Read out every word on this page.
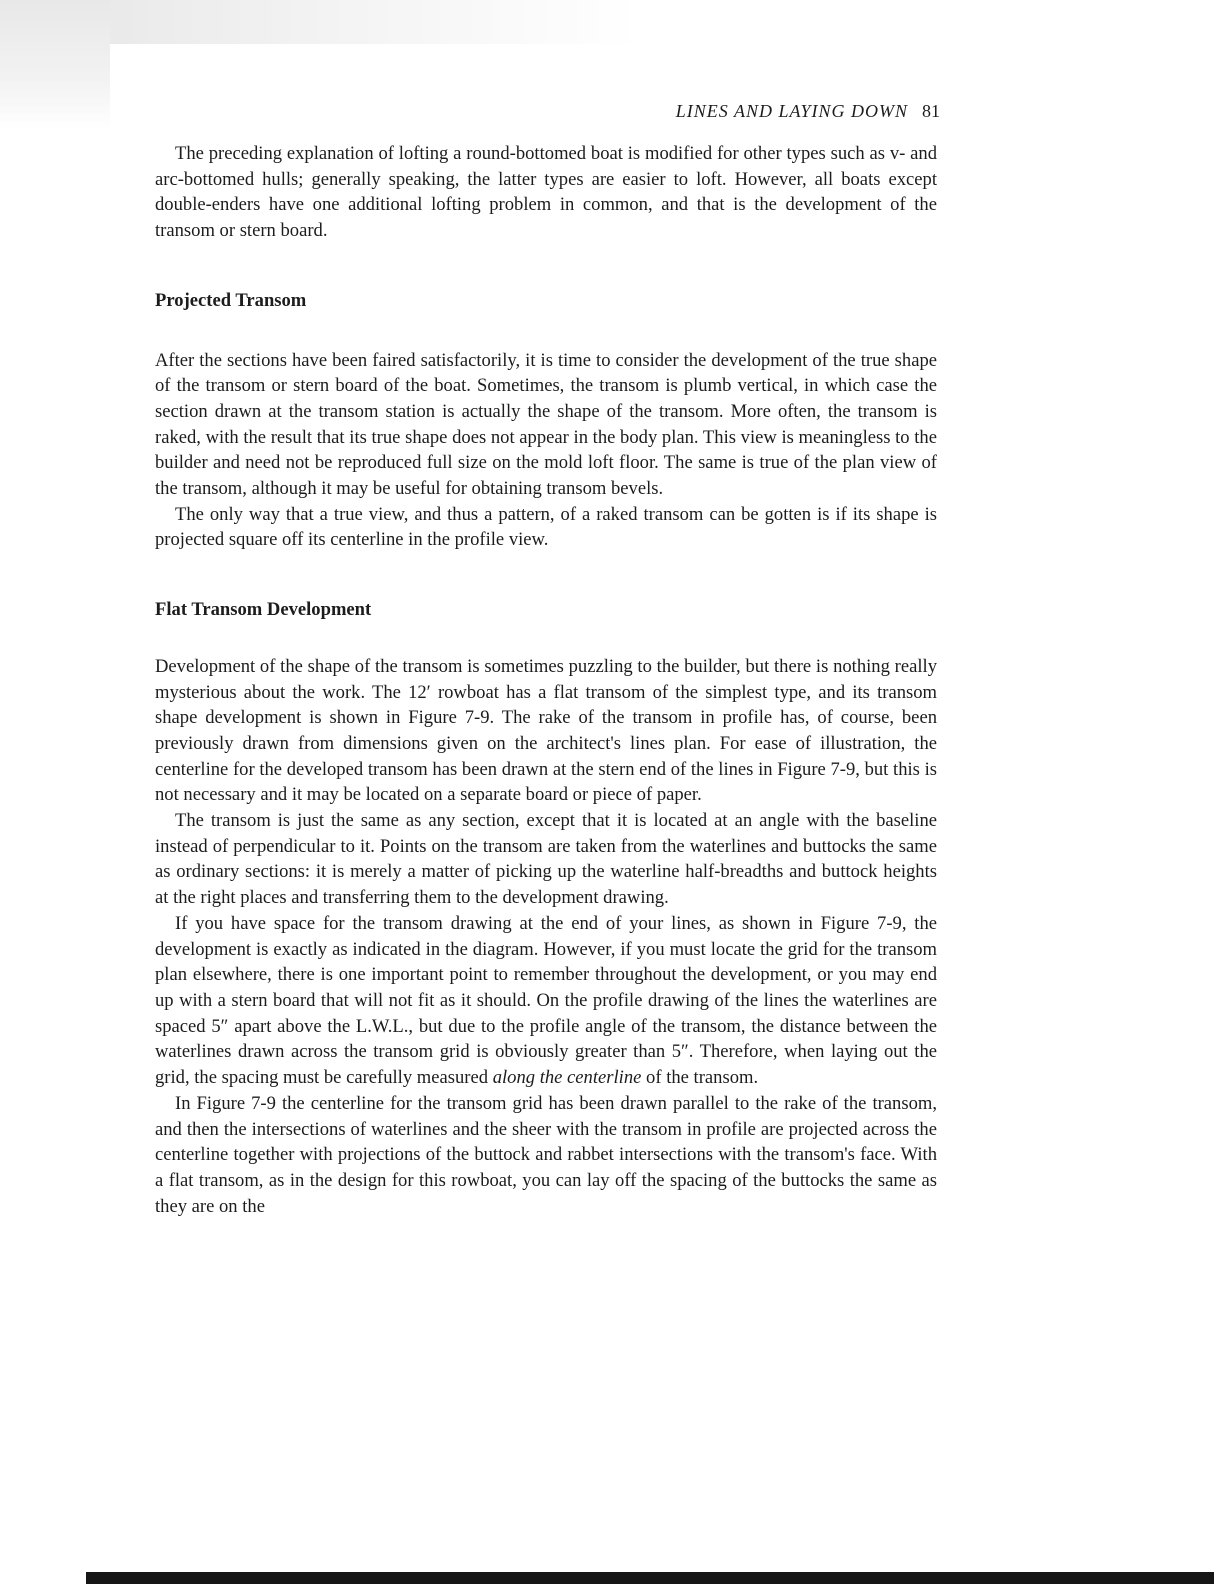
LINES AND LAYING DOWN 81

The preceding explanation of lofting a round-bottomed boat is modified for other types such as v- and arc-bottomed hulls; generally speaking, the latter types are easier to loft. However, all boats except double-enders have one additional lofting problem in common, and that is the development of the transom or stern board.

Projected Transom

After the sections have been faired satisfactorily, it is time to consider the development of the true shape of the transom or stern board of the boat. Sometimes, the transom is plumb vertical, in which case the section drawn at the transom station is actually the shape of the transom. More often, the transom is raked, with the result that its true shape does not appear in the body plan. This view is meaningless to the builder and need not be reproduced full size on the mold loft floor. The same is true of the plan view of the transom, although it may be useful for obtaining transom bevels.

The only way that a true view, and thus a pattern, of a raked transom can be gotten is if its shape is projected square off its centerline in the profile view.

Flat Transom Development

Development of the shape of the transom is sometimes puzzling to the builder, but there is nothing really mysterious about the work. The 12′ rowboat has a flat transom of the simplest type, and its transom shape development is shown in Figure 7-9. The rake of the transom in profile has, of course, been previously drawn from dimensions given on the architect's lines plan. For ease of illustration, the centerline for the developed transom has been drawn at the stern end of the lines in Figure 7-9, but this is not necessary and it may be located on a separate board or piece of paper.

The transom is just the same as any section, except that it is located at an angle with the baseline instead of perpendicular to it. Points on the transom are taken from the waterlines and buttocks the same as ordinary sections: it is merely a matter of picking up the waterline half-breadths and buttock heights at the right places and transferring them to the development drawing.

If you have space for the transom drawing at the end of your lines, as shown in Figure 7-9, the development is exactly as indicated in the diagram. However, if you must locate the grid for the transom plan elsewhere, there is one important point to remember throughout the development, or you may end up with a stern board that will not fit as it should. On the profile drawing of the lines the waterlines are spaced 5″ apart above the L.W.L., but due to the profile angle of the transom, the distance between the waterlines drawn across the transom grid is obviously greater than 5″. Therefore, when laying out the grid, the spacing must be carefully measured along the centerline of the transom.

In Figure 7-9 the centerline for the transom grid has been drawn parallel to the rake of the transom, and then the intersections of waterlines and the sheer with the transom in profile are projected across the centerline together with projections of the buttock and rabbet intersections with the transom's face. With a flat transom, as in the design for this rowboat, you can lay off the spacing of the buttocks the same as they are on the
